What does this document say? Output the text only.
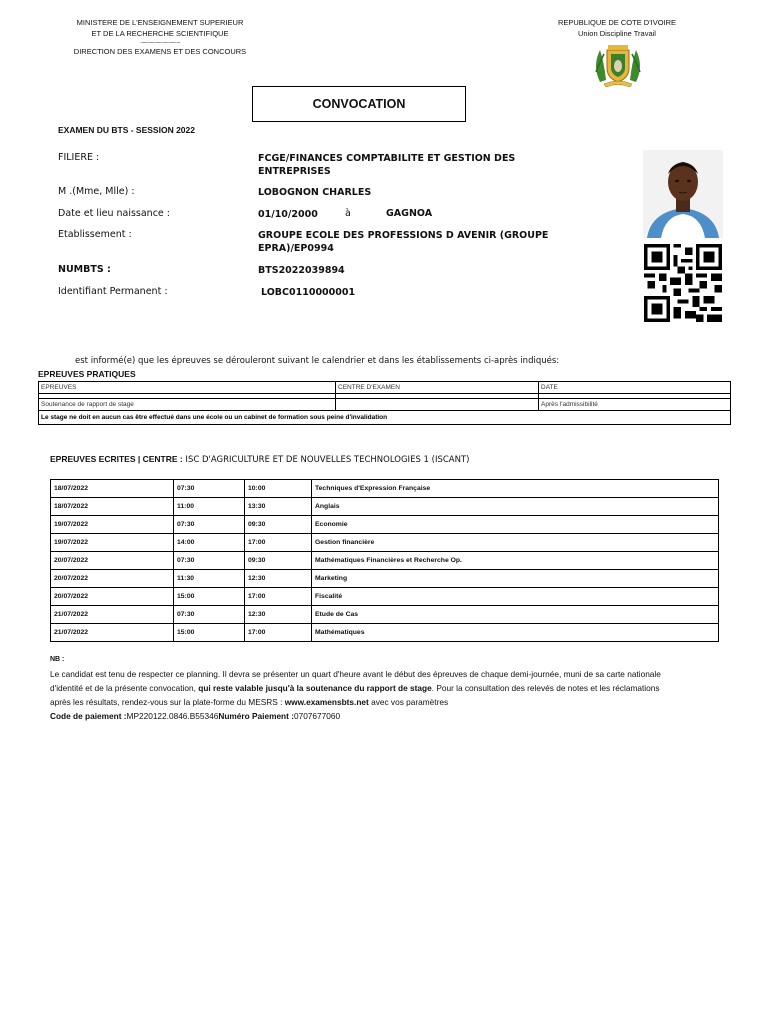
MINISTERE DE L'ENSEIGNEMENT SUPERIEUR
ET DE LA RECHERCHE SCIENTIFIQUE
..................................
DIRECTION DES EXAMENS ET DES CONCOURS
REPUBLIQUE DE COTE D'IVOIRE
Union Discipline Travail
CONVOCATION
EXAMEN DU BTS - SESSION 2022
FILIERE :	FCGE/FINANCES COMPTABILITE ET GESTION DES
ENTREPRISES
M .(Mme, Mlle) :	LOBOGNON CHARLES
Date et lieu naissance :	01/10/2000	à	GAGNOA
Etablissement :	GROUPE ECOLE DES PROFESSIONS D AVENIR (GROUPE
EPRA)/EP0994
NUMBTS :	BTS2022039894
Identifiant Permanent :	LOBC0110000001
est informé(e) que les épreuves se dérouleront suivant le calendrier et dans les établissements ci-après indiqués:
EPREUVES PRATIQUES
EPREUVES	CENTRE D'EXAMEN	DATE

Soutenance de rapport de stage		Après l'admissibilité
Le stage ne doit en aucun cas être effectué dans une école ou un cabinet de formation sous peine d'invalidation		
EPREUVES ECRITES | CENTRE : ISC D'AGRICULTURE ET DE NOUVELLES TECHNOLOGIES 1 (ISCANT)
18/07/2022	07:30	10:00	Techniques d'Expression Française
18/07/2022	11:00	13:30	Anglais
19/07/2022	07:30	09:30	Economie
19/07/2022	14:00	17:00	Gestion financière
20/07/2022	07:30	09:30	Mathématiques Financières et Recherche Op.
20/07/2022	11:30	12:30	Marketing
20/07/2022	15:00	17:00	Fiscalité
21/07/2022	07:30	12:30	Etude de Cas
21/07/2022	15:00	17:00	Mathématiques
NB :
Le candidat est tenu de respecter ce planning. Il devra se présenter un quart d'heure avant le début des épreuves de chaque demi-journée, muni de sa carte nationale d'identité et de la présente convocation, qui reste valable jusqu'à la soutenance du rapport de stage. Pour la consultation des relevés de notes et les réclamations après les résultats, rendez-vous sur la plate-forme du MESRS : www.examensbts.net avec vos paramètres
Code de paiement :MP220122.0846.B55346Numéro Paiement :0707677060
